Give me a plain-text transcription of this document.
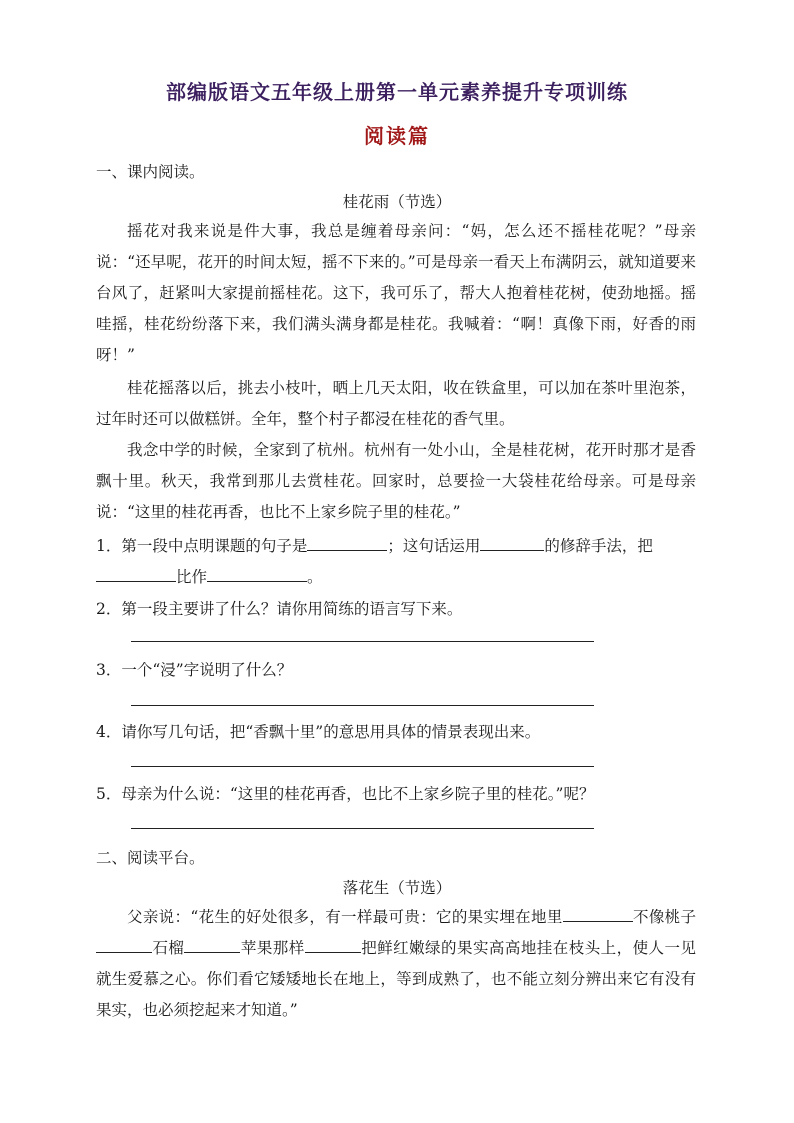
部编版语文五年级上册第一单元素养提升专项训练
阅读篇
一、课内阅读。
桂花雨（节选）
摇花对我来说是件大事，我总是缠着母亲问：“妈，怎么还不摇桂花呢？”母亲说：“还早呢，花开的时间太短，摇不下来的。”可是母亲一看天上布满阴云，就知道要来台风了，赶紧叫大家提前摇桂花。这下，我可乐了，帮大人抱着桂花树，使劲地摇。摇哇摇，桂花纷纷落下来，我们满头满身都是桂花。我喊着：“啊！真像下雨，好香的雨呀！”
桂花摇落以后，挑去小枝叶，晒上几天太阳，收在铁盒里，可以加在茶叶里泡茶，过年时还可以做糕饼。全年，整个村子都浸在桂花的香气里。
我念中学的时候，全家到了杭州。杭州有一处小山，全是桂花树，花开时那才是香飘十里。秋天，我常到那儿去赏桂花。回家时，总要捡一大袋桂花给母亲。可是母亲说：“这里的桂花再香，也比不上家乡院子里的桂花。”
1．第一段中点明课题的句子是	；这句话运用	的修辞手法，把
比作	。
2．第一段主要讲了什么？请你用简练的语言写下来。
3．一个“浸”字说明了什么？
4．请你写几句话，把“香飘十里”的意思用具体的情景表现出来。
5．母亲为什么说：“这里的桂花再香，也比不上家乡院子里的桂花。”呢？
二、阅读平台。
落花生（节选）
父亲说：“花生的好处很多，有一样最可贵：它的果实埋在地里	不像桃子石榴	苹果那样	把鲜红嫩绿的果实高高地挂在枝头上，使人一见就生爱慕之心。你们看它矮矮地长在地上，等到成熟了，也不能立刻分辨出来它有没有果实，也必须挖起来才知道。”
